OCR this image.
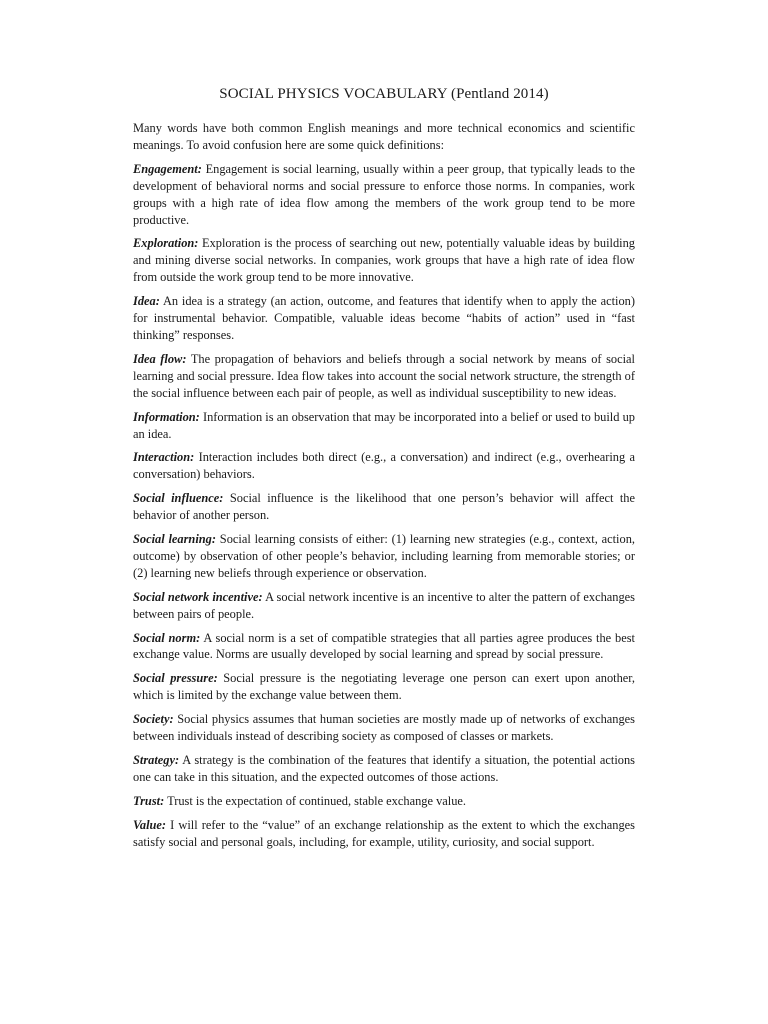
SOCIAL PHYSICS VOCABULARY (Pentland 2014)

Many words have both common English meanings and more technical economics and scientific meanings. To avoid confusion here are some quick definitions:

Engagement: Engagement is social learning, usually within a peer group, that typically leads to the development of behavioral norms and social pressure to enforce those norms. In companies, work groups with a high rate of idea flow among the members of the work group tend to be more productive.

Exploration: Exploration is the process of searching out new, potentially valuable ideas by building and mining diverse social networks. In companies, work groups that have a high rate of idea flow from outside the work group tend to be more innovative.

Idea: An idea is a strategy (an action, outcome, and features that identify when to apply the action) for instrumental behavior. Compatible, valuable ideas become “habits of action” used in “fast thinking” responses.

Idea flow: The propagation of behaviors and beliefs through a social network by means of social learning and social pressure. Idea flow takes into account the social network structure, the strength of the social influence between each pair of people, as well as individual susceptibility to new ideas.

Information: Information is an observation that may be incorporated into a belief or used to build up an idea.

Interaction: Interaction includes both direct (e.g., a conversation) and indirect (e.g., overhearing a conversation) behaviors.

Social influence: Social influence is the likelihood that one person’s behavior will affect the behavior of another person.

Social learning: Social learning consists of either: (1) learning new strategies (e.g., context, action, outcome) by observation of other people’s behavior, including learning from memorable stories; or (2) learning new beliefs through experience or observation.

Social network incentive: A social network incentive is an incentive to alter the pattern of exchanges between pairs of people.

Social norm: A social norm is a set of compatible strategies that all parties agree produces the best exchange value. Norms are usually developed by social learning and spread by social pressure.

Social pressure: Social pressure is the negotiating leverage one person can exert upon another, which is limited by the exchange value between them.

Society: Social physics assumes that human societies are mostly made up of networks of exchanges between individuals instead of describing society as composed of classes or markets.

Strategy: A strategy is the combination of the features that identify a situation, the potential actions one can take in this situation, and the expected outcomes of those actions.

Trust: Trust is the expectation of continued, stable exchange value.

Value: I will refer to the “value” of an exchange relationship as the extent to which the exchanges satisfy social and personal goals, including, for example, utility, curiosity, and social support.
